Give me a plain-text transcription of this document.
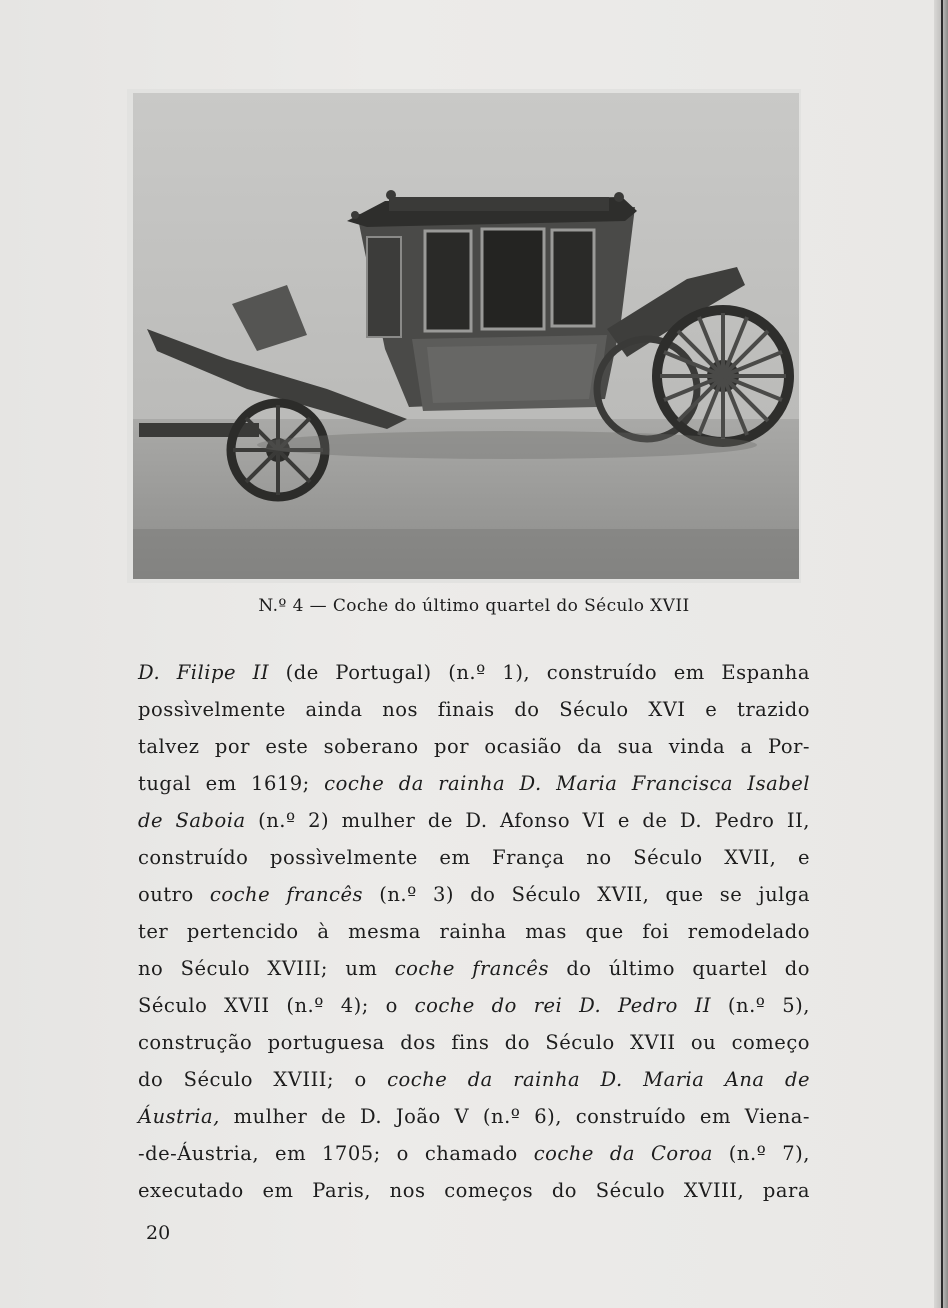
N.º 4 — Coche do último quartel do Século XVII
D. Filipe II (de Portugal) (n.º 1), construído em Espanha
possìvelmente ainda nos finais do Século XVI e trazido
talvez por este soberano por ocasião da sua vinda a Por-
tugal em 1619; coche da rainha D. Maria Francisca Isabel
de Saboia (n.º 2) mulher de D. Afonso VI e de D. Pedro II,
construído possìvelmente em França no Século XVII, e
outro coche francês (n.º 3) do Século XVII, que se julga
ter pertencido à mesma rainha mas que foi remodelado
no Século XVIII; um coche francês do último quartel do
Século XVII (n.º 4); o coche do rei D. Pedro II (n.º 5),
construção portuguesa dos fins do Século XVII ou começo
do Século XVIII; o coche da rainha D. Maria Ana de
Áustria, mulher de D. João V (n.º 6), construído em Viena-
-de-Áustria, em 1705; o chamado coche da Coroa (n.º 7),
executado em Paris, nos começos do Século XVIII, para
20
